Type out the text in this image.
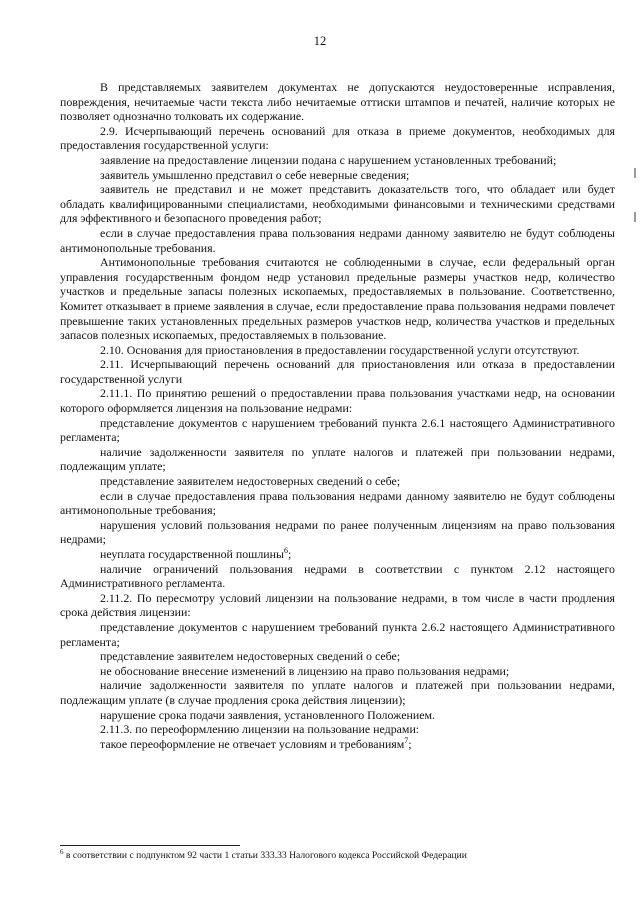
12

В представляемых заявителем документах не допускаются неудостоверенные исправления, повреждения, нечитаемые части текста либо нечитаемые оттиски штампов и печатей, наличие которых не позволяет однозначно толковать их содержание.

2.9. Исчерпывающий перечень оснований для отказа в приеме документов, необходимых для предоставления государственной услуги:

заявление на предоставление лицензии подана с нарушением установленных требований;

заявитель умышленно представил о себе неверные сведения;

заявитель не представил и не может представить доказательств того, что обладает или будет обладать квалифицированными специалистами, необходимыми финансовыми и техническими средствами для эффективного и безопасного проведения работ;

если в случае предоставления права пользования недрами данному заявителю не будут соблюдены антимонопольные требования.

Антимонопольные требования считаются не соблюденными в случае, если федеральный орган управления государственным фондом недр установил предельные размеры участков недр, количество участков и предельные запасы полезных ископаемых, предоставляемых в пользование. Соответственно, Комитет отказывает в приеме заявления в случае, если предоставление права пользования недрами повлечет превышение таких установленных предельных размеров участков недр, количества участков и предельных запасов полезных ископаемых, предоставляемых в пользование.

2.10. Основания для приостановления в предоставлении государственной услуги отсутствуют.

2.11. Исчерпывающий перечень оснований для приостановления или отказа в предоставлении государственной услуги

2.11.1. По принятию решений о предоставлении права пользования участками недр, на основании которого оформляется лицензия на пользование недрами:

представление документов с нарушением требований пункта 2.6.1 настоящего Административного регламента;

наличие задолженности заявителя по уплате налогов и платежей при пользовании недрами, подлежащим уплате;

представление заявителем недостоверных сведений о себе;

если в случае предоставления права пользования недрами данному заявителю не будут соблюдены антимонопольные требования;

нарушения условий пользования недрами по ранее полученным лицензиям на право пользования недрами;

неуплата государственной пошлины$^6$;

наличие ограничений пользования недрами в соответствии с пунктом 2.12 настоящего Административного регламента.

2.11.2. По пересмотру условий лицензии на пользование недрами, в том числе в части продления срока действия лицензии:

представление документов с нарушением требований пункта 2.6.2 настоящего Административного регламента;

представление заявителем недостоверных сведений о себе;

не обоснование внесение изменений в лицензию на право пользования недрами;

наличие задолженности заявителя по уплате налогов и платежей при пользовании недрами, подлежащим уплате (в случае продления срока действия лицензии);

нарушение срока подачи заявления, установленного Положением.

2.11.3. по переоформлению лицензии на пользование недрами:

такое переоформление не отвечает условиям и требованиям$^7$;

$^6$ в соответствии с подпунктом 92 части 1 статьи 333.33 Налогового кодекса Российской Федерации
